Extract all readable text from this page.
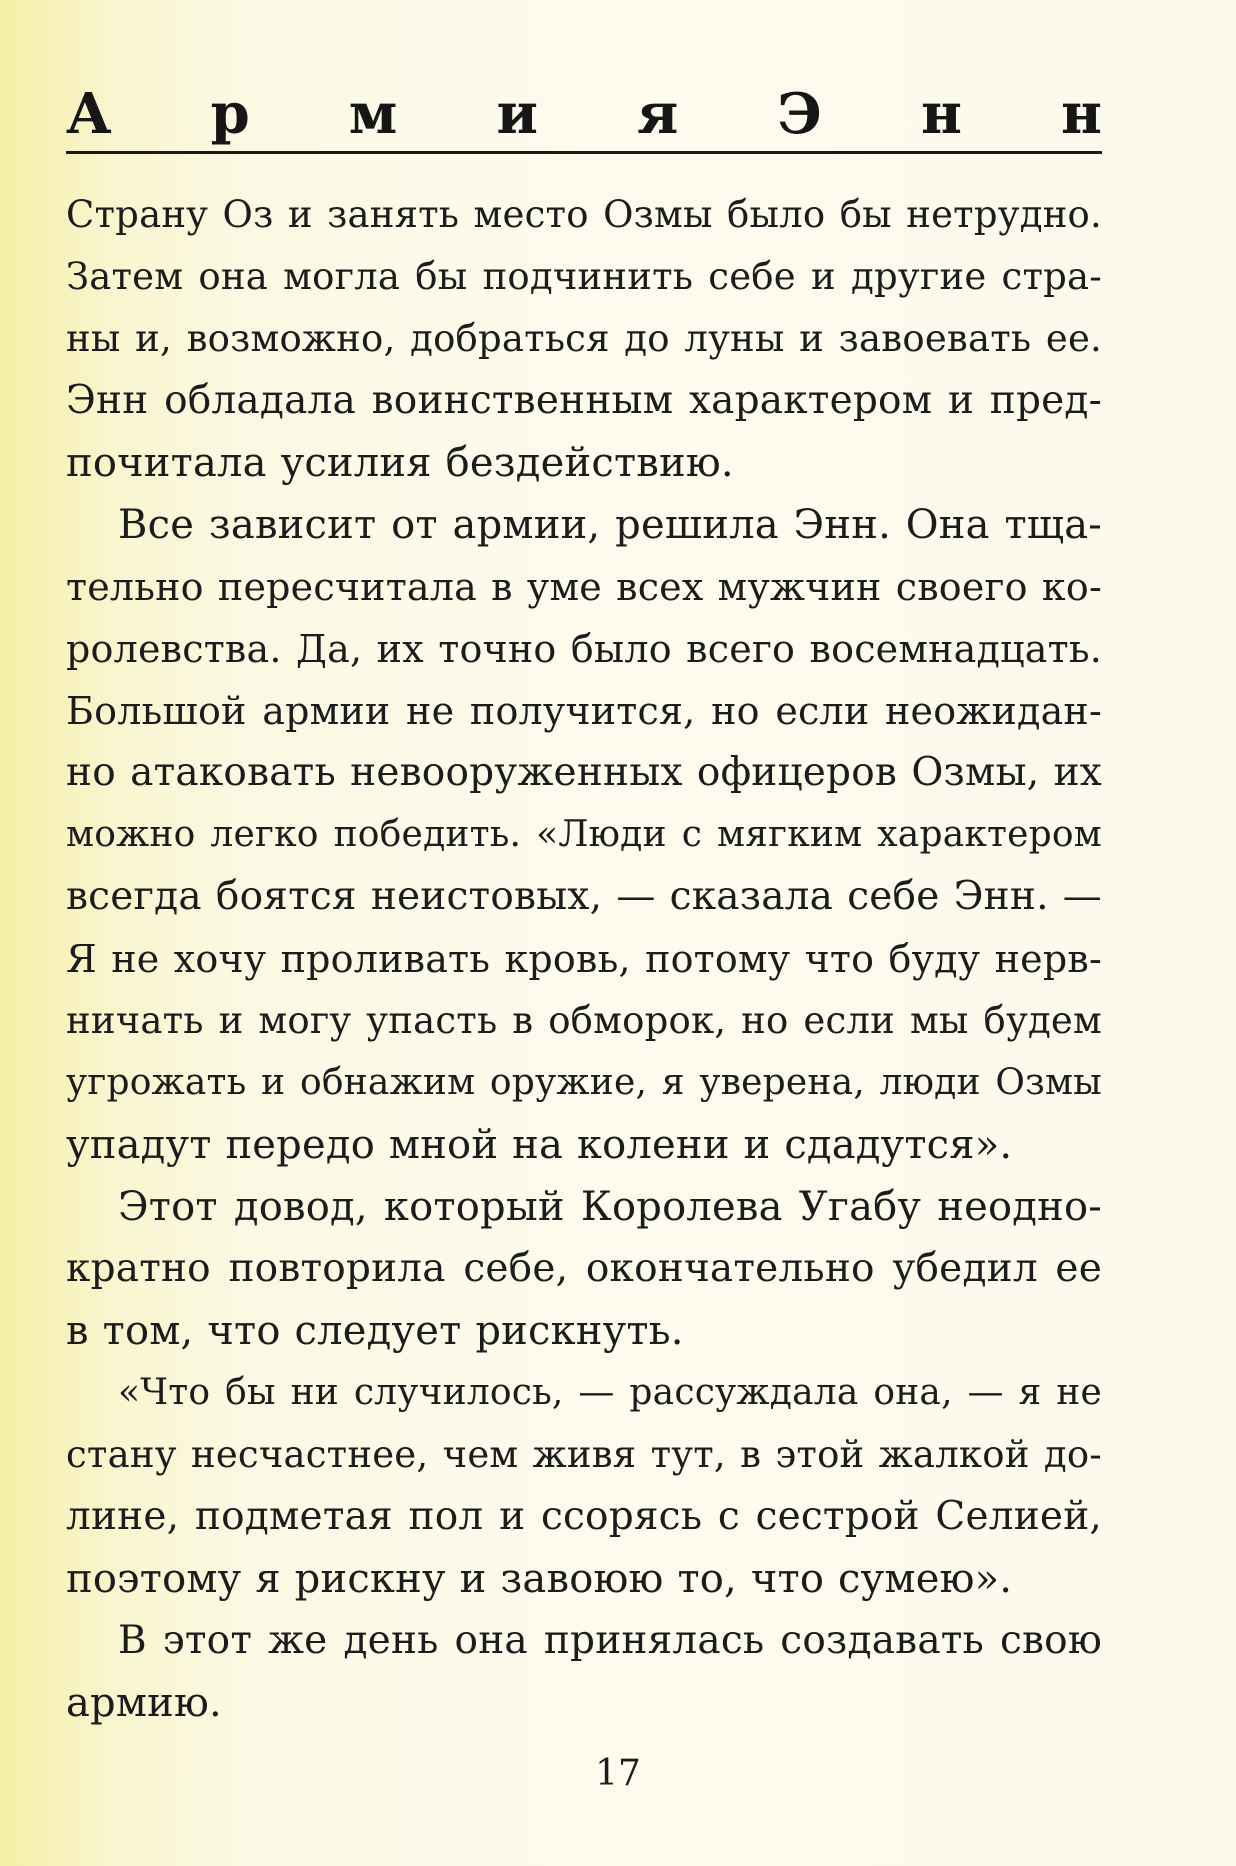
А р м и я Э н н
Страну Оз и занять место Озмы было бы нетрудно.
Затем она могла бы подчинить себе и другие стра-
ны и, возможно, добраться до луны и завоевать ее.
Энн обладала воинственным характером и пред-
почитала усилия бездействию.
Все зависит от армии, решила Энн. Она тща-
тельно пересчитала в уме всех мужчин своего ко-
ролевства. Да, их точно было всего восемнадцать.
Большой армии не получится, но если неожидан-
но атаковать невооруженных офицеров Озмы, их
можно легко победить. «Люди с мягким характером
всегда боятся неистовых, — сказала себе Энн. —
Я не хочу проливать кровь, потому что буду нерв-
ничать и могу упасть в обморок, но если мы будем
угрожать и обнажим оружие, я уверена, люди Озмы
упадут передо мной на колени и сдадутся».
Этот довод, который Королева Угабу неодно-
кратно повторила себе, окончательно убедил ее
в том, что следует рискнуть.
«Что бы ни случилось, — рассуждала она, — я не
стану несчастнее, чем живя тут, в этой жалкой до-
лине, подметая пол и ссорясь с сестрой Селией,
поэтому я рискну и завоюю то, что сумею».
В этот же день она принялась создавать свою
армию.
17
